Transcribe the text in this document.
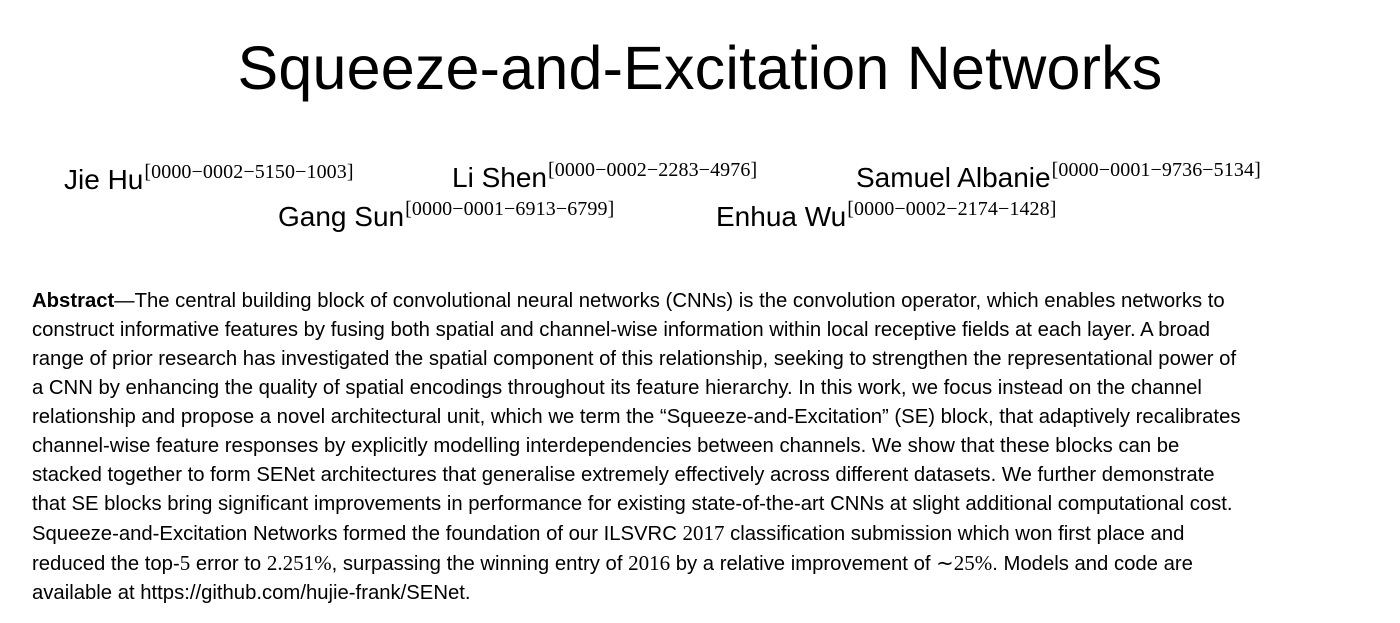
Squeeze-and-Excitation Networks
Jie Hu[0000−0002−5150−1003]	Li Shen[0000−0002−2283−4976]	Samuel Albanie[0000−0001−9736−5134]
Gang Sun[0000−0001−6913−6799]	Enhua Wu[0000−0002−2174−1428]
Abstract—The central building block of convolutional neural networks (CNNs) is the convolution operator, which enables networks to
construct informative features by fusing both spatial and channel-wise information within local receptive fields at each layer. A broad
range of prior research has investigated the spatial component of this relationship, seeking to strengthen the representational power of
a CNN by enhancing the quality of spatial encodings throughout its feature hierarchy. In this work, we focus instead on the channel
relationship and propose a novel architectural unit, which we term the “Squeeze-and-Excitation” (SE) block, that adaptively recalibrates
channel-wise feature responses by explicitly modelling interdependencies between channels. We show that these blocks can be
stacked together to form SENet architectures that generalise extremely effectively across different datasets. We further demonstrate
that SE blocks bring significant improvements in performance for existing state-of-the-art CNNs at slight additional computational cost.
Squeeze-and-Excitation Networks formed the foundation of our ILSVRC 2017 classification submission which won first place and
reduced the top-5 error to 2.251%, surpassing the winning entry of 2016 by a relative improvement of ∼25%. Models and code are
available at https://github.com/hujie-frank/SENet.
